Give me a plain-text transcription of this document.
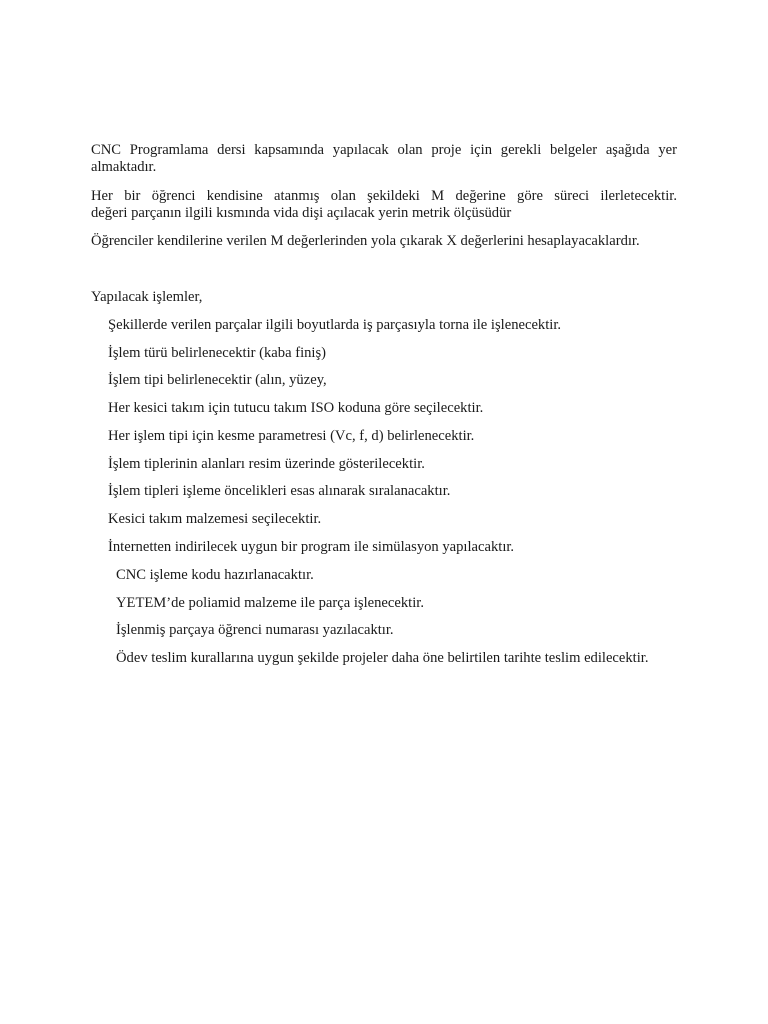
CNC Programlama dersi kapsamında yapılacak olan proje için gerekli belgeler aşağıda yer almaktadır.

Her bir öğrenci kendisine atanmış olan şekildeki M değerine göre süreci ilerletecektir.
değeri parçanın ilgili kısmında vida dişi açılacak yerin metrik ölçüsüdür

Öğrenciler kendilerine verilen M değerlerinden yola çıkarak X değerlerini hesaplayacaklardır.

Yapılacak işlemler,

Şekillerde verilen parçalar ilgili boyutlarda iş parçasıyla torna ile işlenecektir.
İşlem türü belirlenecektir (kaba finiş)
İşlem tipi belirlenecektir (alın, yüzey,
Her kesici takım için tutucu takım ISO koduna göre seçilecektir.
Her işlem tipi için kesme parametresi (Vc, f, d) belirlenecektir.
İşlem tiplerinin alanları resim üzerinde gösterilecektir.
İşlem tipleri işleme öncelikleri esas alınarak sıralanacaktır.
Kesici takım malzemesi seçilecektir.
İnternetten indirilecek uygun bir program ile simülasyon yapılacaktır.
CNC işleme kodu hazırlanacaktır.
YETEM’de poliamid malzeme ile parça işlenecektir.
İşlenmiş parçaya öğrenci numarası yazılacaktır.
Ödev teslim kurallarına uygun şekilde projeler daha öne belirtilen tarihte teslim edilecektir.
